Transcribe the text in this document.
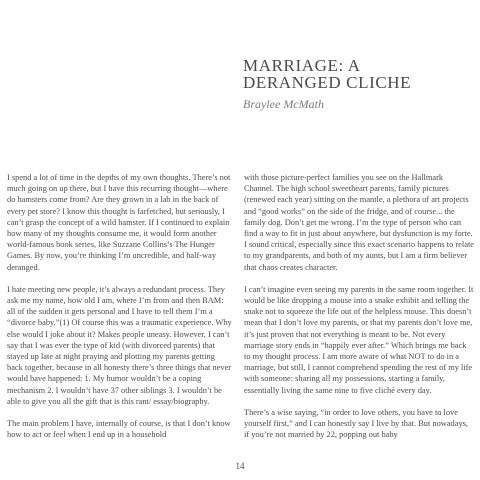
MARRIAGE: A
DERANGED CLICHE

Braylee McMath

I spend a lot of time in the depths of my own thoughts. There’s not much going on up there, but I have this recurring thought—where do hamsters come from? Are they grown in a lab in the back of every pet store? I know this thought is farfetched, but seriously, I can’t grasp the concept of a wild hamster. If I continued to explain how many of my thoughts consume me, it would form another world-famous book series, like Suzzane Collins’s The Hunger Games. By now, you’re thinking I’m uncredible, and half-way deranged.

I hate meeting new people, it’s always a redundant process. They ask me my name, how old I am, where I’m from and then BAM: all of the sudden it gets personal and I have to tell them I’m a “divorce baby.”(1) Of course this was a traumatic experience. Why else would I joke about it? Makes people uneasy. However, I can’t say that I was ever the type of kid (with divorced parents) that stayed up late at night praying and plotting my parents getting back together, because in all honesty there’s three things that never would have happened: 1. My humor wouldn’t be a coping mechanism 2. I wouldn’t have 37 other siblings 3. I wouldn’t be able to give you all the gift that is this rant/ essay/biography.

The main problem I have, internally of course, is that I don’t know how to act or feel when I end up in a household

with those picture-perfect families you see on the Hallmark Channel. The high school sweetheart parents, family pictures (renewed each year) sitting on the mantle, a plethora of art projects and “good works” on the side of the fridge, and of course... the family dog. Don’t get me wrong. I’m the type of person who can find a way to fit in just about anywhere, but dysfunction is my forte. I sound critical, especially since this exact scenario happens to relate to my grandparents, and both of my aunts, but I am a firm believer that chaos creates character.

I can’t imagine even seeing my parents in the same room together. It would be like dropping a mouse into a snake exhibit and telling the snake not to squeeze the life out of the helpless mouse. This doesn’t mean that I don’t love my parents, or that my parents don’t love me, it’s just proven that not everything is meant to be. Not every marriage story ends in “happily ever after.” Which brings me back to my thought process. I am more aware of what NOT to do in a marriage, but still, I cannot comprehend spending the rest of my life with someone: sharing all my possessions, starting a family, essentially living the same nine to five cliché every day.

There’s a wise saying, “in order to love others, you have to love yourself first,” and I can honestly say I live by that. But nowadays, if you’re not married by 22, popping out baby

14
